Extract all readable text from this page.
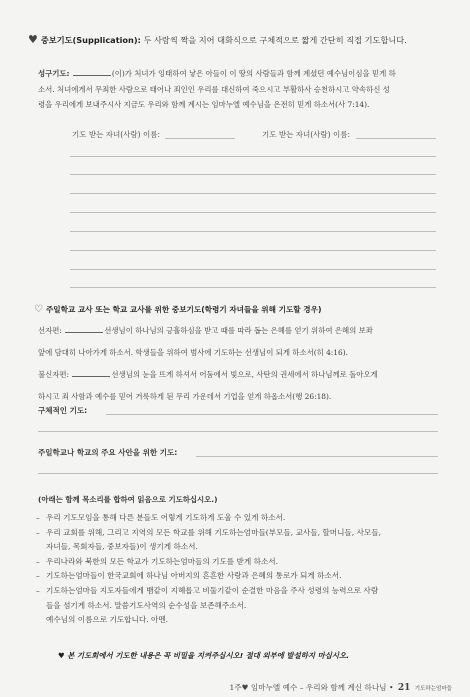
♥ 중보기도(Supplication): 두 사람씩 짝을 지어 대화식으로 구체적으로 짧게 간단히 직접 기도합니다.
성구기도:	(이)가 처녀가 잉태하여 낳은 아들이 이 땅의 사람들과 함께 계셨던 예수님이심을 믿게 하
소서. 처녀에게서 무죄한 사람으로 태어나 죄인인 우리를 대신하여 죽으시고 부활하사 승천하시고 약속하신 성
령을 우리에게 보내주시사 지금도 우리와 함께 계시는 임마누엘 예수님을 온전히 믿게 하소서(사 7:14).
기도 받는 자녀(사람) 이름:	기도 받는 자녀(사람) 이름:
♡ 주일학교 교사 또는 학교 교사를 위한 중보기도(학령기 자녀들을 위해 기도할 경우)
선자편:	선생님이 하나님의 긍휼하심을 받고 때를 따라 돕는 은혜를 얻기 위하여 은혜의 보좌
앞에 담대히 나아가게 하소서. 학생들을 위하여 범사에 기도하는 선생님이 되게 하소서(히 4:16).
불신자편:	선생님의 눈을 뜨게 하셔서 어둠에서 빛으로, 사탄의 권세에서 하나님께로 돌아오게
하시고 죄 사함과 예수를 믿어 거룩하게 된 무리 가운데서 기업을 얻게 하옵소서(행 26:18).
구체적인 기도:
주일학교나 학교의 주요 사안을 위한 기도:
(아래는 함께 목소리를 합하여 읽음으로 기도하십시오.)
– 우리 기도모임을 통해 다른 분들도 어렇게 기도하게 도울 수 있게 하소서.
– 우리 교회를 위해, 그리고 지역의 모든 학교를 위해 기도하는엄마들(부모들, 교사들, 할머니들, 사모들,
자녀들, 목회자들, 중보자들)이 생기게 하소서.
– 우리나라와 북한의 모든 학교가 기도하는엄마들의 기도를 받게 하소서.
– 기도하는엄마들이 한국교회에 하나님 아버지의 흔흔한 사랑과 은혜의 통로가 되게 하소서.
– 기도하는엄마들 지도자들에게 뱀같이 지혜롭고 비둘기같이 순결한 마음을 주사 성령의 능력으로 사람
들을 섬기게 하소서. 말씀기도사역의 순수성을 보존해주소서.
예수님의 이름으로 기도합니다. 아멘.
♥ 본 기도회에서 기도한 내용은 꼭 비밀을 지켜주십시오! 절대 외부에 발설하지 마십시오.
1주♥ 임마누엘 예수 – 우리와 함께 계신 하나님 • 21 기도하는엄마들
